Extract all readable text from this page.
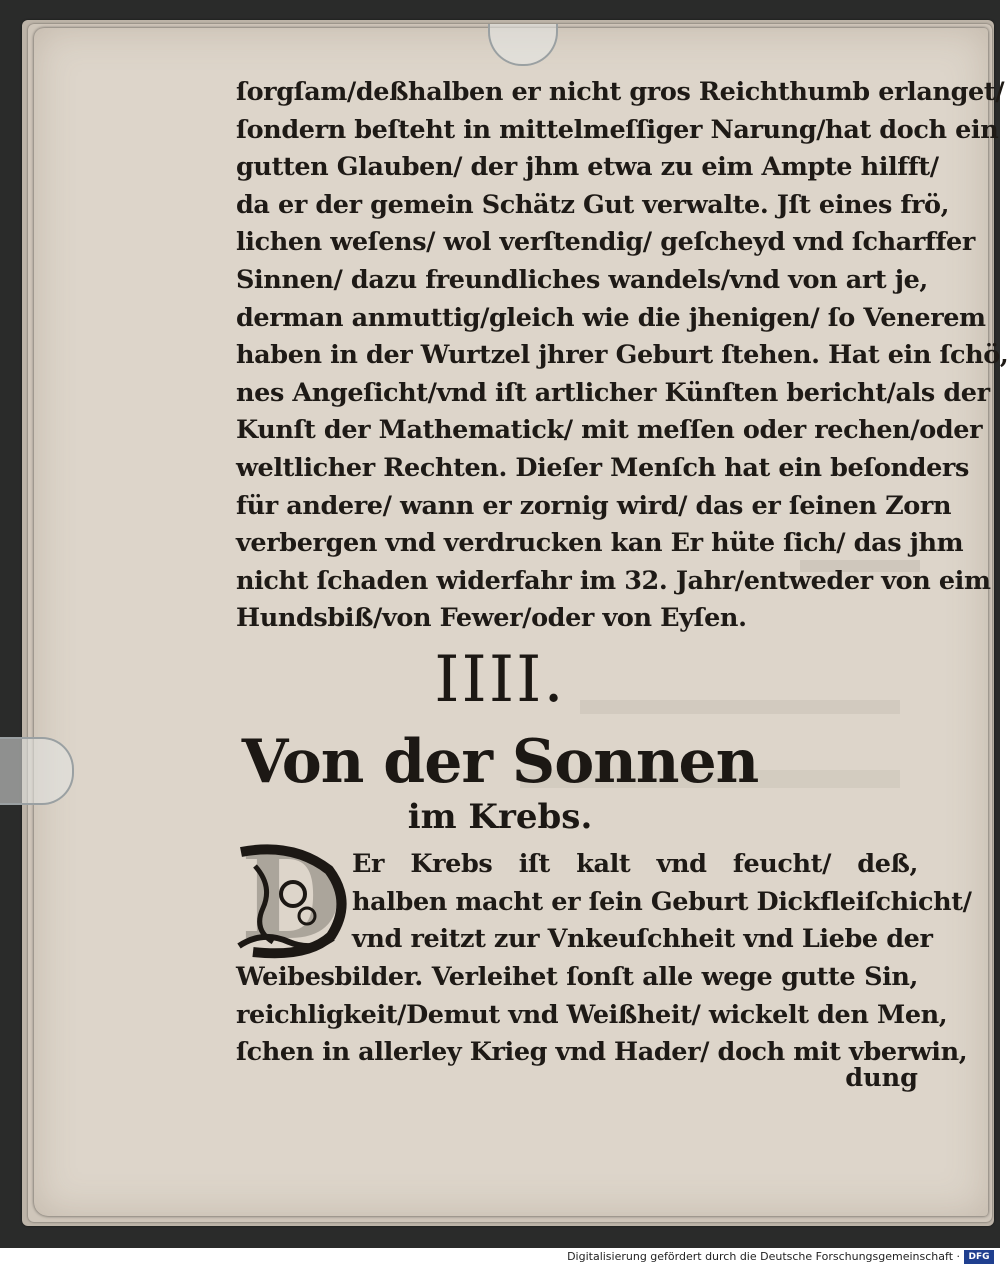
ſorgſam/deßhalben er nicht gros Reichthumb erlanget/
ſondern beſteht in mittelmeſſiger Narung/hat doch ein
gutten Glauben/ der jhm etwa zu eim Ampte hilfft/
da er der gemein Schätz Gut verwalte. Jſt eines frö,
lichen weſens/ wol verſtendig/ geſcheyd vnd ſcharffer
Sinnen/ dazu freundliches wandels/vnd von art je,
derman anmuttig/gleich wie die jhenigen/ ſo Venerem
haben in der Wurtzel jhrer Geburt ſtehen. Hat ein ſchö,
nes Angeſicht/vnd iſt artlicher Künſten bericht/als der
Kunſt der Mathematick/ mit meſſen oder rechen/oder
weltlicher Rechten. Dieſer Menſch hat ein beſonders
für andere/ wann er zornig wird/ das er ſeinen Zorn
verbergen vnd verdrucken kan Er hüte ſich/ das jhm
nicht ſchaden widerfahr im 32. Jahr/entweder von eim
Hundsbiß/von Fewer/oder von Eyſen.
IIII.
Von der Sonnen
im Krebs.
D Er Krebs iſt kalt vnd feucht/ deß,
halben macht er ſein Geburt Dickfleiſchicht/
vnd reitzt zur Vnkeuſchheit vnd Liebe der
Weibesbilder. Verleihet ſonſt alle wege gutte Sin,
reichligkeit/Demut vnd Weißheit/ wickelt den Men,
ſchen in allerley Krieg vnd Hader/ doch mit vberwin,
dung
Digitalisierung gefördert durch die Deutsche Forschungsgemeinschaft · DFG
